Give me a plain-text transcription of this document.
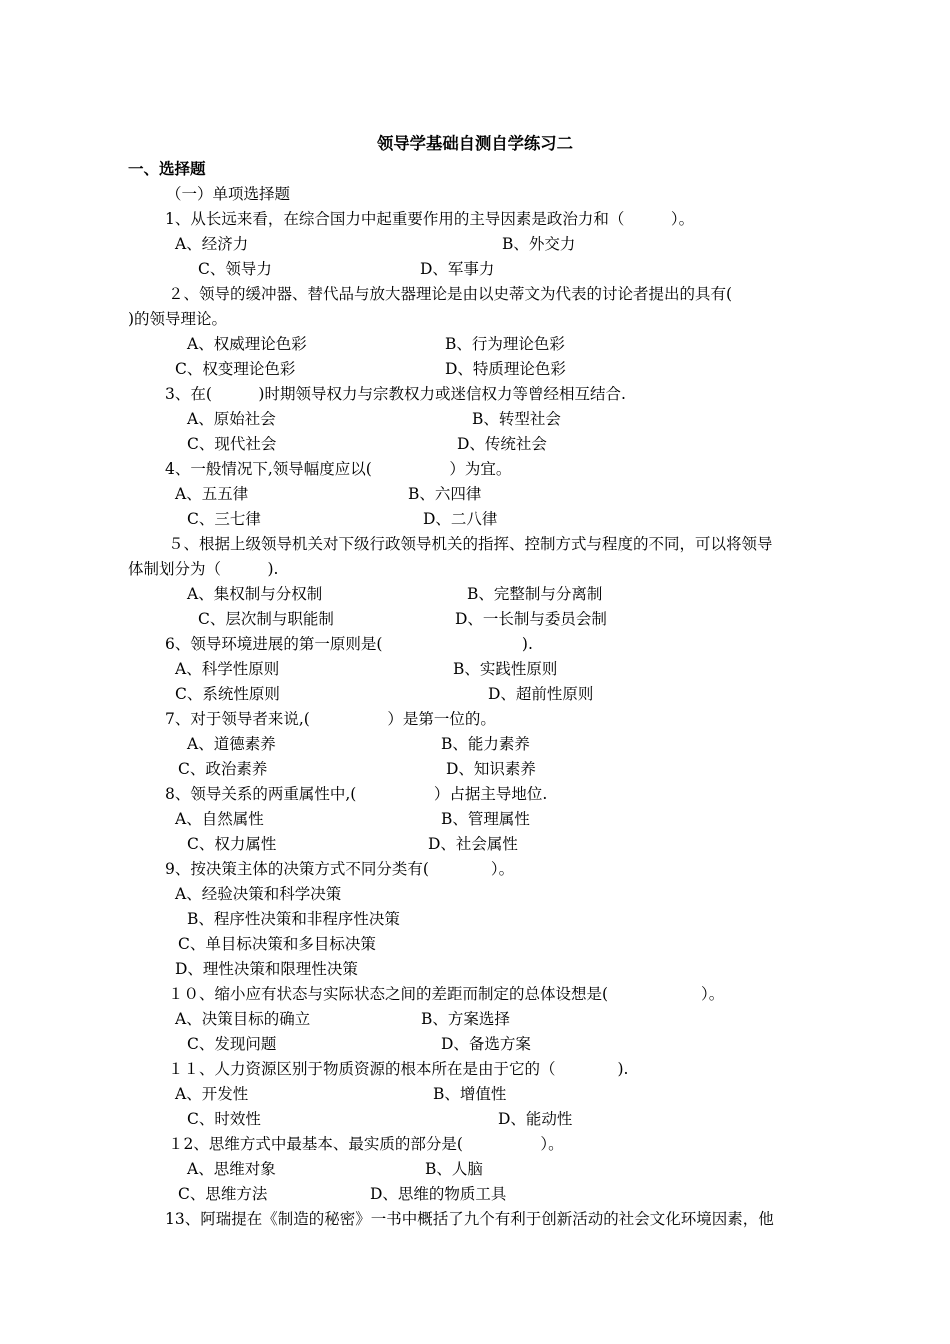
领导学基础自测自学练习二
一、选择题
（一）单项选择题
1、从长远来看，在综合国力中起重要作用的主导因素是政治力和（　　　）。
A、经济力	B、外交力
C、领导力	D、军事力
２、领导的缓冲器、替代品与放大器理论是由以史蒂文为代表的讨论者提出的具有(
)的领导理论。
A、权威理论色彩	B、行为理论色彩
C、权变理论色彩	D、特质理论色彩
3、在(　　　)时期领导权力与宗教权力或迷信权力等曾经相互结合.
A、原始社会	B、转型社会
C、现代社会	D、传统社会
4、一般情况下,领导幅度应以(　　　　　）为宜。
A、五五律	B、六四律
C、三七律	D、二八律
５、根据上级领导机关对下级行政领导机关的指挥、控制方式与程度的不同，可以将领导
体制划分为（　　　).
A、集权制与分权制	B、完整制与分离制
C、层次制与职能制	D、一长制与委员会制
6、领导环境进展的第一原则是(　　　　　　　　　).
A、科学性原则	B、实践性原则
C、系统性原则	D、超前性原则
7、对于领导者来说,(　　　　　）是第一位的。
A、道德素养	B、能力素养
C、政治素养	D、知识素养
8、领导关系的两重属性中,(　　　　　）占据主导地位.
A、自然属性	B、管理属性
C、权力属性	D、社会属性
9、按决策主体的决策方式不同分类有(　　　　）。
A、经验决策和科学决策
B、程序性决策和非程序性决策
C、单目标决策和多目标决策
D、理性决策和限理性决策
１０、缩小应有状态与实际状态之间的差距而制定的总体设想是(　　　　　　）。
A、决策目标的确立	B、方案选择
C、发现问题	D、备选方案
１１、人力资源区别于物质资源的根本所在是由于它的（　　　　).
A、开发性	B、增值性
C、时效性	D、能动性
１2、思维方式中最基本、最实质的部分是(　　　　　）。
A、思维对象	B、人脑
C、思维方法	D、思维的物质工具
13、阿瑞提在《制造的秘密》一书中概括了九个有利于创新活动的社会文化环境因素，他
